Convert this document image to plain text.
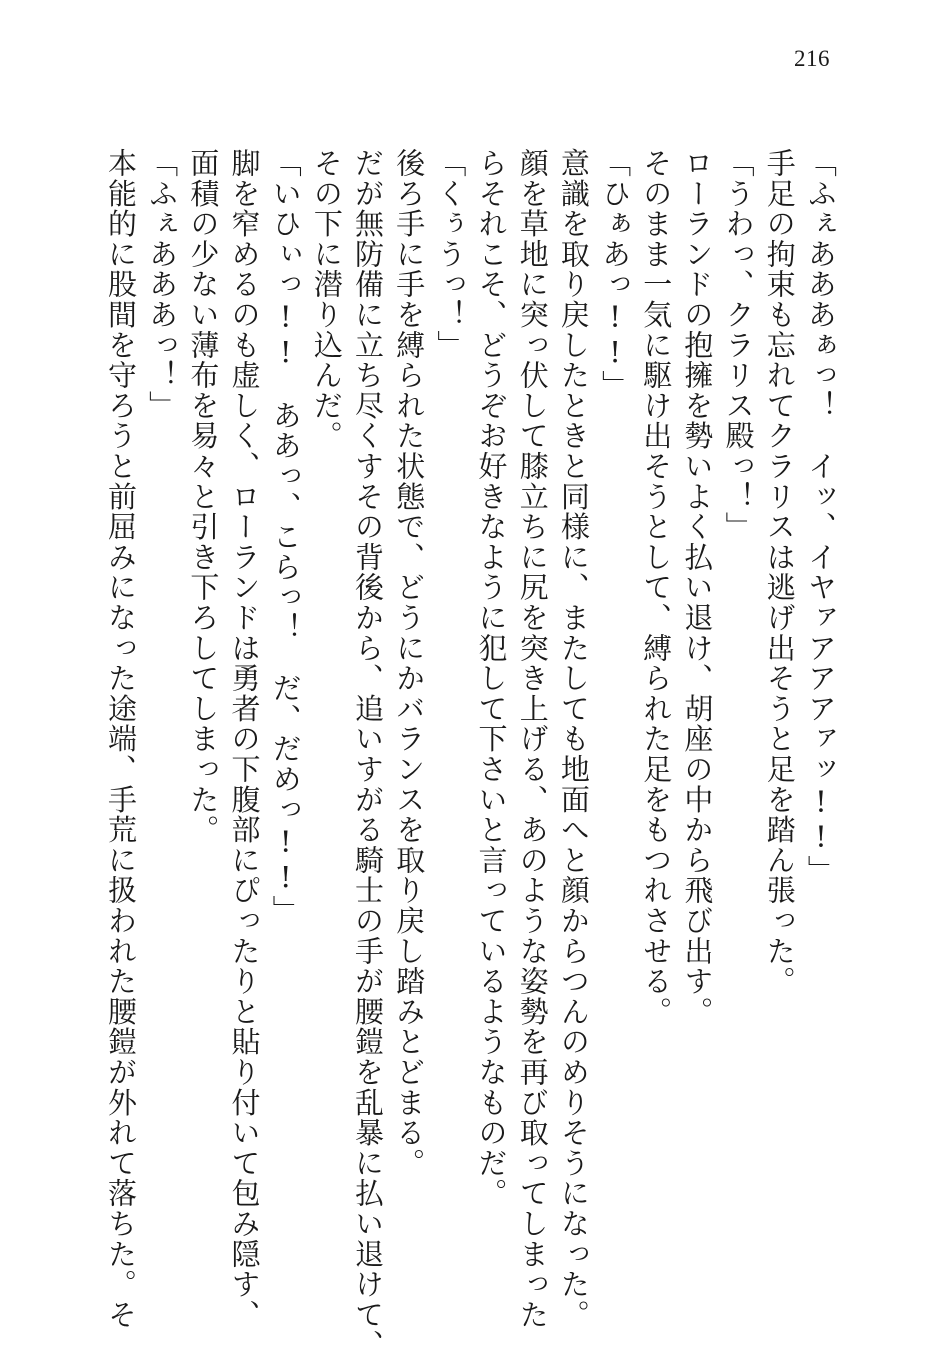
216
「ふぇあああぁっ！　イッ、イヤァアアアァッ!!」
手足の拘束も忘れてクラリスは逃げ出そうと足を踏ん張った。
「うわっ、クラリス殿っ！」
ローランドの抱擁を勢いよく払い退け、胡座の中から飛び出す。
そのまま一気に駆け出そうとして、縛られた足をもつれさせる。
「ひぁあっ!!」
意識を取り戻したときと同様に、またしても地面へと顔からつんのめりそうになった。
顔を草地に突っ伏して膝立ちに尻を突き上げる、あのような姿勢を再び取ってしまった
らそれこそ、どうぞお好きなように犯して下さいと言っているようなものだ。
「くぅうっ！」
後ろ手に手を縛られた状態で、どうにかバランスを取り戻し踏みとどまる。
だが無防備に立ち尽くすその背後から、追いすがる騎士の手が腰鎧を乱暴に払い退けて、
その下に潜り込んだ。
「いひぃっ!!　ああっ、こらっ！　だ、だめっ!!」
脚を窄めるのも虚しく、ローランドは勇者の下腹部にぴったりと貼り付いて包み隠す、
面積の少ない薄布を易々と引き下ろしてしまった。
「ふぇあああっ！」
本能的に股間を守ろうと前屈みになった途端、手荒に扱われた腰鎧が外れて落ちた。そ
